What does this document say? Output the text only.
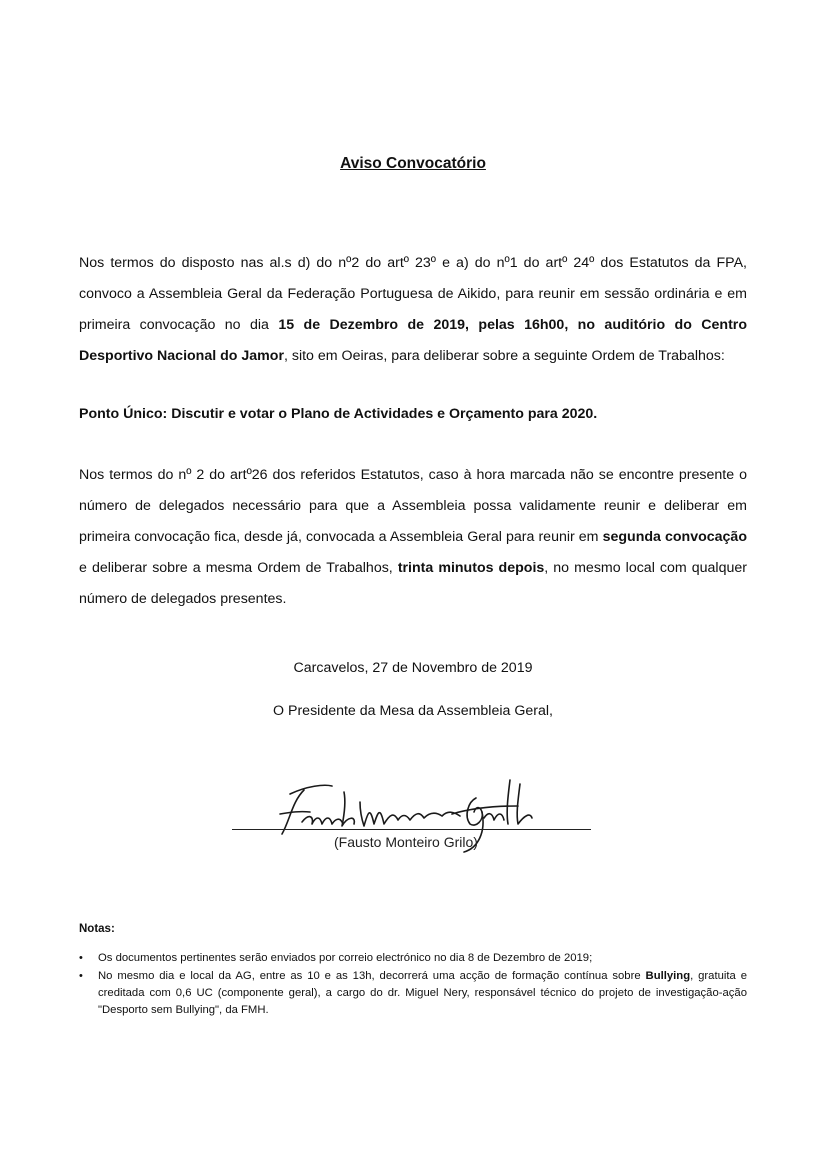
Aviso Convocatório

Nos termos do disposto nas al.s d) do nº2 do artº 23º e a) do nº1 do artº 24º dos Estatutos da FPA, convoco a Assembleia Geral da Federação Portuguesa de Aikido, para reunir em sessão ordinária e em primeira convocação no dia 15 de Dezembro de 2019, pelas 16h00, no auditório do Centro Desportivo Nacional do Jamor, sito em Oeiras, para deliberar sobre a seguinte Ordem de Trabalhos:

Ponto Único: Discutir e votar o Plano de Actividades e Orçamento para 2020.

Nos termos do nº 2 do artº26 dos referidos Estatutos, caso à hora marcada não se encontre presente o número de delegados necessário para que a Assembleia possa validamente reunir e deliberar em primeira convocação fica, desde já, convocada a Assembleia Geral para reunir em segunda convocação e deliberar sobre a mesma Ordem de Trabalhos, trinta minutos depois, no mesmo local com qualquer número de delegados presentes.

Carcavelos, 27 de Novembro de 2019
O Presidente da Mesa da Assembleia Geral,
(Fausto Monteiro Grilo)
Notas:
• Os documentos pertinentes serão enviados por correio electrónico no dia 8 de Dezembro de 2019;
• No mesmo dia e local da AG, entre as 10 e as 13h, decorrerá uma acção de formação contínua sobre Bullying, gratuita e creditada com 0,6 UC (componente geral), a cargo do dr. Miguel Nery, responsável técnico do projeto de investigação-ação "Desporto sem Bullying", da FMH.
